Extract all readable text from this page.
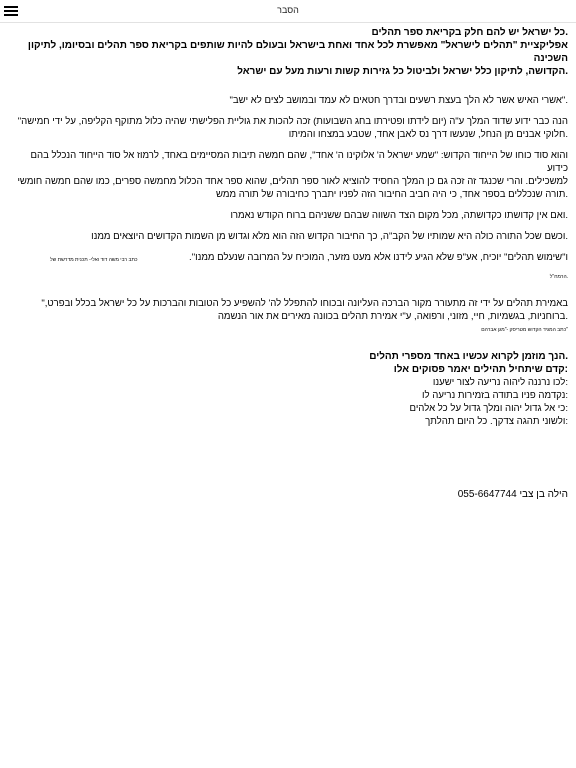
הסבר

.כל ישראל יש להם חלק בקריאת ספר תהלים

אפליקציית "תהלים לישראל" מאפשרת לכל אחד ואחת בישראל ובעולם להיות שותפים בקריאת ספר תהלים ובסיומו, לתיקון השכינה

.הקדושה, לתיקון כלל ישראל ולביטול כל גזירות קשות ורעות מעל עם ישראל

."אשרי האיש אשר לא הלך בעצת רשעים ובדרך חטאים לא עמד ובמושב לצים לא ישב"

הנה כבר ידוע שדוד המלך ע"ה (יום לידתו ופטירתו בחג השבועות) זכה להכות את גוליית הפלישתי שהיה כלול מתוקף הקליפה, על ידי חמישה"

.חלוקי אבנים מן הנחל, שנעשו דרך נס לאבן אחד, שטבע במצחו והמיתו

והוא סוד כוחו של הייחוד הקדוש: "שמע ישראל ה' אלוקינו ה' אחד", שהם חמשה תיבות המסיימים באחד, לרמוז אל סוד הייחוד הנכלל בהם כידוע

למשכילים. והרי שכנגד זה זכה גם כן המלך החסיד להוציא לאור ספר תהלים, שהוא ספר אחד הכלול מחמשה ספרים, כמו שהם חמשה חומשי

.תורה שנכללים בספר אחד, כי היה חביב החיבור הזה לפניו יתברך כחיבורה של תורה ממש

.ואם אין קדושתו כקדושתה, מכל מקום הצד השווה שבהם ששניהם ברוח הקודש נאמרו

.וכשם שכל התורה כולה היא שמותיו של הקב"ה, כך החיבור הקדוש הזה הוא מלא וגדוש מן השמות הקדושים היוצאים ממנו

ו"שימוש תהלים" יוכיח, אע"פ שלא הגיע לידנו אלא מעט מזער, המוכיח על המרובה שנעלם ממנו".
כתב רבי משה דוד ואלי- תכנית מדרשת של

.הרמח"ל

באמירת תהלים על ידי זה מתעורר מקור הברכה העליונה ובכוחו להתפלל לה' להשפיע כל הטובות והברכות על כל ישראל בכלל ובפרט,"

.ברוחניות, בגשמיות, חיי, מזוני, ורפואה, ע"י אמירת תהלים בכוונה מאירים את אור הנשמה

"כתב המגיד הקדוש מטריסק -"מגן אברהם

.הנך מוזמן לקרוא עכשיו באחד מספרי תהלים

:קדם שיתחיל תהילים יאמר פסוקים אלו

:לכו נרננה ליהוה נריעה לצור ישענו

:נקדמה פניו בתודה בזמירות נריעה לו

:כי אל גדול יהוה ומלך גדול על כל אלהים

:ולשוני תהגה צדקך. כל היום תהלתך

הילה בן צבי 055-6647744
